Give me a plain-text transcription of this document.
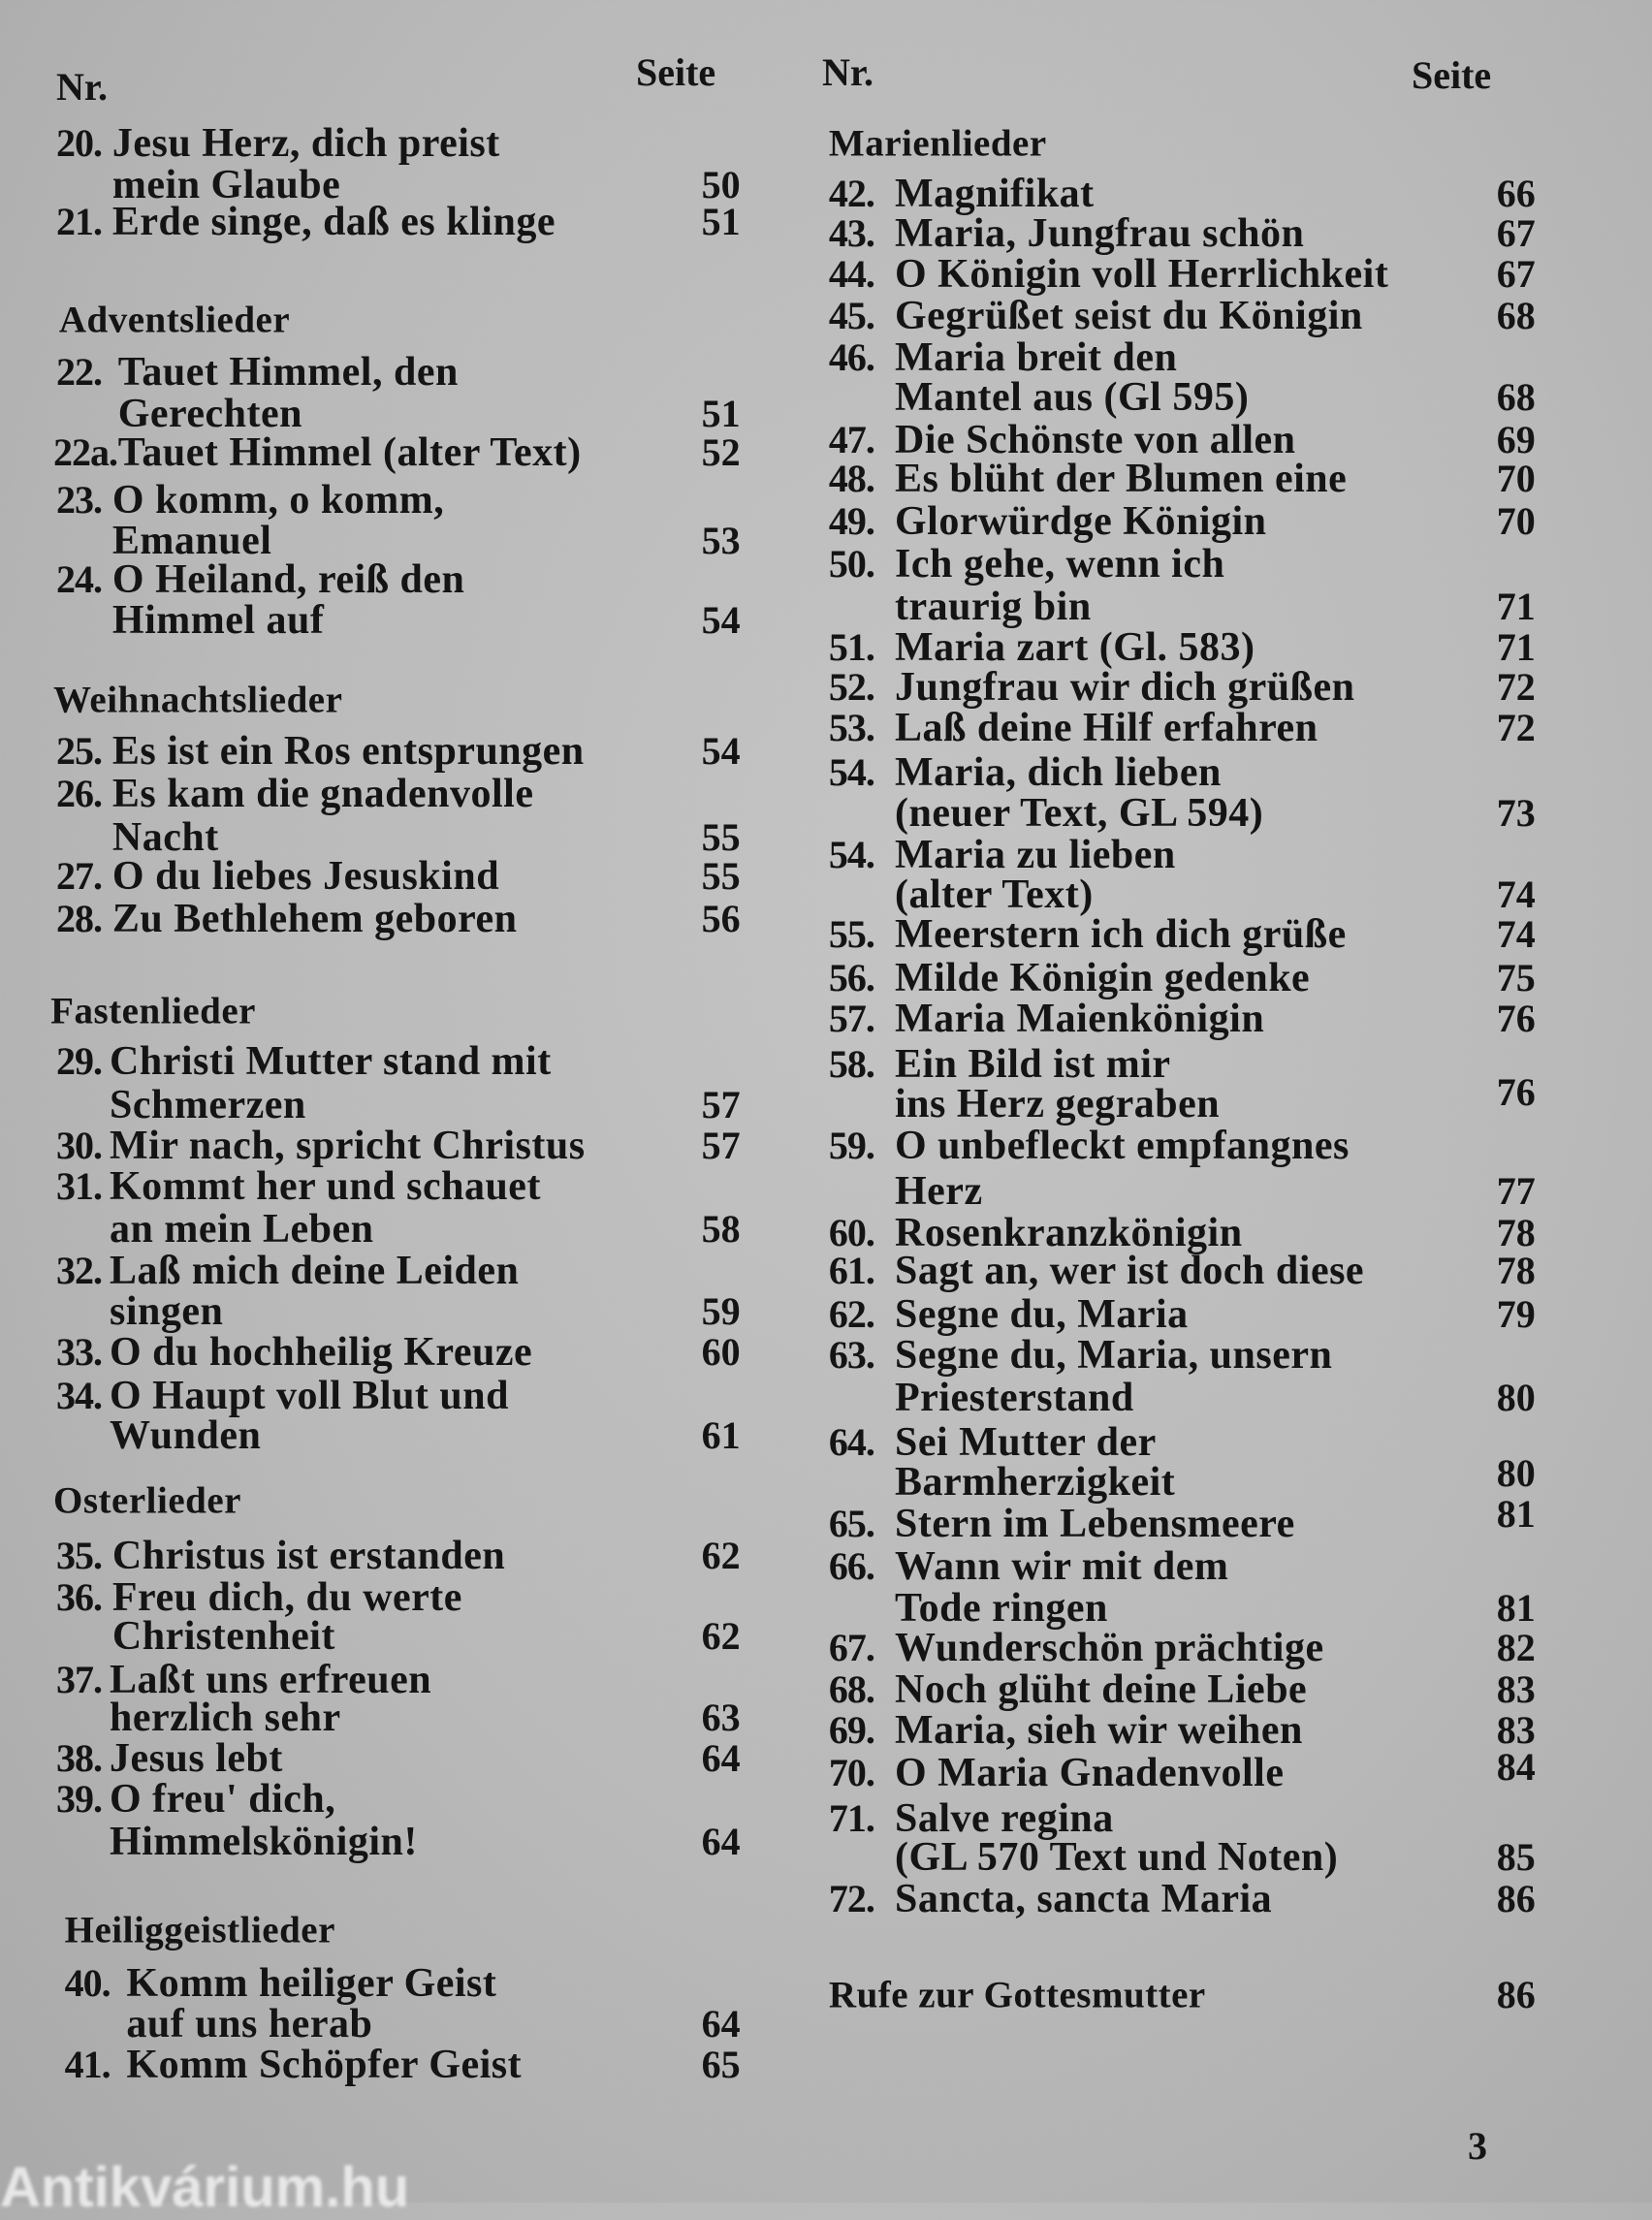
Nr.	Seite	Nr.	Seite
20. Jesu Herz, dich preist
mein Glaube	50
21. Erde singe, daß es klinge	51
Adventslieder
22. Tauet Himmel, den
Gerechten	51
22a. Tauet Himmel (alter Text)	52
23. O komm, o komm,
Emanuel	53
24. O Heiland, reiß den
Himmel auf	54
Weihnachtslieder
25. Es ist ein Ros entsprungen	54
26. Es kam die gnadenvolle
Nacht	55
27. O du liebes Jesuskind	55
28. Zu Bethlehem geboren	56
Fastenlieder
29. Christi Mutter stand mit
Schmerzen	57
30. Mir nach, spricht Christus	57
31. Kommt her und schauet
an mein Leben	58
32. Laß mich deine Leiden
singen	59
33. O du hochheilig Kreuze	60
34. O Haupt voll Blut und
Wunden	61
Osterlieder
35. Christus ist erstanden	62
36. Freu dich, du werte
Christenheit	62
37. Laßt uns erfreuen
herzlich sehr	63
38. Jesus lebt	64
39. O freu' dich,
Himmelskönigin!	64
Heiliggeistlieder
40. Komm heiliger Geist
auf uns herab	64
41. Komm Schöpfer Geist	65
Marienlieder
42. Magnifikat	66
43. Maria, Jungfrau schön	67
44. O Königin voll Herrlichkeit	67
45. Gegrüßet seist du Königin	68
46. Maria breit den
Mantel aus (Gl 595)	68
47. Die Schönste von allen	69
48. Es blüht der Blumen eine	70
49. Glorwürdge Königin	70
50. Ich gehe, wenn ich
traurig bin	71
51. Maria zart (Gl. 583)	71
52. Jungfrau wir dich grüßen	72
53. Laß deine Hilf erfahren	72
54. Maria, dich lieben
(neuer Text, GL 594)	73
54. Maria zu lieben
(alter Text)	74
55. Meerstern ich dich grüße	74
56. Milde Königin gedenke	75
57. Maria Maienkönigin	76
58. Ein Bild ist mir
ins Herz gegraben	76
59. O unbefleckt empfangnes
Herz	77
60. Rosenkranzkönigin	78
61. Sagt an, wer ist doch diese	78
62. Segne du, Maria	79
63. Segne du, Maria, unsern
Priesterstand	80
64. Sei Mutter der
Barmherzigkeit	80
65. Stern im Lebensmeere	81
66. Wann wir mit dem
Tode ringen	81
67. Wunderschön prächtige	82
68. Noch glüht deine Liebe	83
69. Maria, sieh wir weihen	83
70. O Maria Gnadenvolle	84
71. Salve regina
(GL 570 Text und Noten)	85
72. Sancta, sancta Maria	86
Rufe zur Gottesmutter	86
3
Antikvárium.hu
